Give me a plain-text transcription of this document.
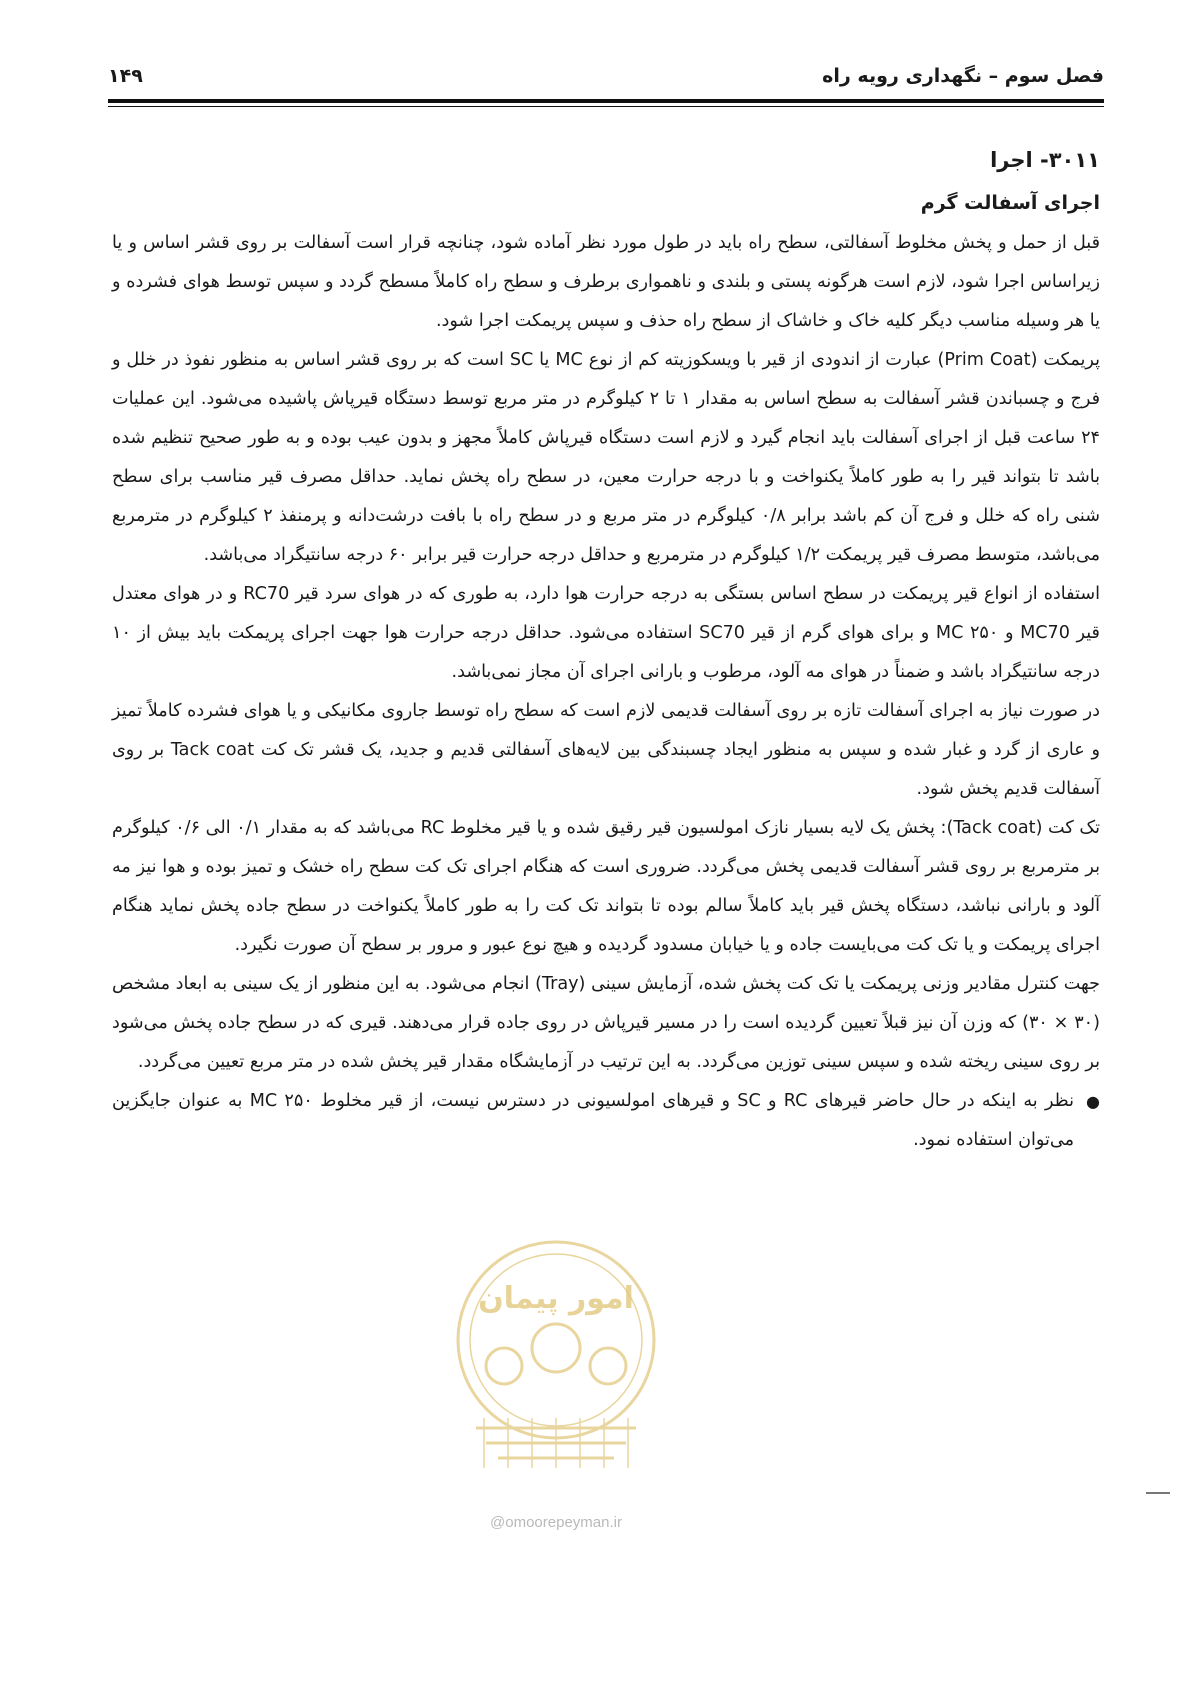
فصل سوم – نگهداری رویه راه
۱۴۹
۳۰۱۱- اجرا
اجرای آسفالت گرم

قبل از حمل و پخش مخلوط آسفالتی، سطح راه باید در طول مورد نظر آماده شود، چنانچه قرار است آسفالت بر روی قشر اساس و یا زیراساس اجرا شود، لازم است هرگونه پستی و بلندی و ناهمواری برطرف و سطح راه کاملاً مسطح گردد و سپس توسط هوای فشرده و یا هر وسیله مناسب دیگر کلیه خاک و خاشاک از سطح راه حذف و سپس پریمکت اجرا شود.

پریمکت (Prim Coat) عبارت از اندودی از قیر با ویسکوزیته کم از نوع MC یا SC است که بر روی قشر اساس به منظور نفوذ در خلل و فرج و چسباندن قشر آسفالت به سطح اساس به مقدار ۱ تا ۲ کیلوگرم در متر مربع توسط دستگاه قیرپاش پاشیده می‌شود. این عملیات ۲۴ ساعت قبل از اجرای آسفالت باید انجام گیرد و لازم است دستگاه قیرپاش کاملاً مجهز و بدون عیب بوده و به طور صحیح تنظیم شده باشد تا بتواند قیر را به طور کاملاً یکنواخت و با درجه حرارت معین، در سطح راه پخش نماید. حداقل مصرف قیر مناسب برای سطح شنی راه که خلل و فرج آن کم باشد برابر ۰/۸ کیلوگرم در متر مربع و در سطح راه با بافت درشت‌دانه و پرمنفذ ۲ کیلوگرم در مترمربع می‌باشد، متوسط مصرف قیر پریمکت ۱/۲ کیلوگرم در مترمربع و حداقل درجه حرارت قیر برابر ۶۰ درجه سانتیگراد می‌باشد.

استفاده از انواع قیر پریمکت در سطح اساس بستگی به درجه حرارت هوا دارد، به طوری که در هوای سرد قیر RC70 و در هوای معتدل قیر MC70 و MC ۲۵۰ و برای هوای گرم از قیر SC70 استفاده می‌شود. حداقل درجه حرارت هوا جهت اجرای پریمکت باید بیش از ۱۰ درجه سانتیگراد باشد و ضمناً در هوای مه آلود، مرطوب و بارانی اجرای آن مجاز نمی‌باشد.

در صورت نیاز به اجرای آسفالت تازه بر روی آسفالت قدیمی لازم است که سطح راه توسط جاروی مکانیکی و یا هوای فشرده کاملاً تمیز و عاری از گرد و غبار شده و سپس به منظور ایجاد چسبندگی بین لایه‌های آسفالتی قدیم و جدید، یک قشر تک کت Tack coat بر روی آسفالت قدیم پخش شود.

تک کت (Tack coat): پخش یک لایه بسیار نازک امولسیون قیر رقیق شده و یا قیر مخلوط RC می‌باشد که به مقدار ۰/۱ الی ۰/۶ کیلوگرم بر مترمربع بر روی قشر آسفالت قدیمی پخش می‌گردد. ضروری است که هنگام اجرای تک کت سطح راه خشک و تمیز بوده و هوا نیز مه آلود و بارانی نباشد، دستگاه پخش قیر باید کاملاً سالم بوده تا بتواند تک کت را به طور کاملاً یکنواخت در سطح جاده پخش نماید هنگام اجرای پریمکت و یا تک کت می‌بایست جاده و یا خیابان مسدود گردیده و هیچ نوع عبور و مرور بر سطح آن صورت نگیرد.

جهت کنترل مقادیر وزنی پریمکت یا تک کت پخش شده، آزمایش سینی (Tray) انجام می‌شود. به این منظور از یک سینی به ابعاد مشخص (۳۰ × ۳۰) که وزن آن نیز قبلاً تعیین گردیده است را در مسیر قیرپاش در روی جاده قرار می‌دهند. قیری که در سطح جاده پخش می‌شود بر روی سینی ریخته شده و سپس سینی توزین می‌گردد. به این ترتیب در آزمایشگاه مقدار قیر پخش شده در متر مربع تعیین می‌گردد.

●
نظر به اینکه در حال حاضر قیرهای RC و SC و قیرهای امولسیونی در دسترس نیست، از قیر مخلوط MC ۲۵۰ به عنوان جایگزین می‌توان استفاده نمود.
امور پیمان
@omoorepeyman.ir
